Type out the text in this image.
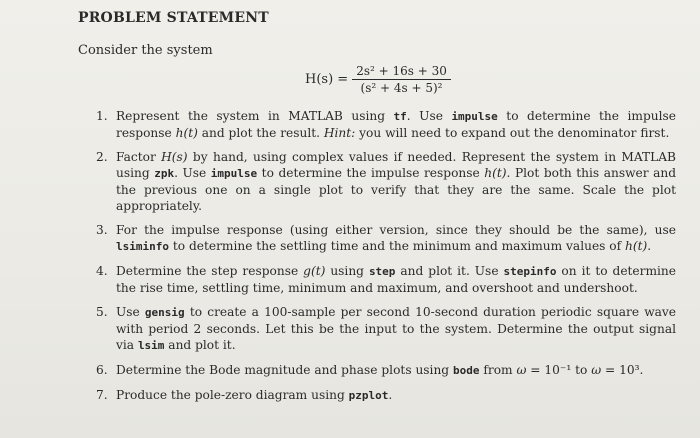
PROBLEM STATEMENT
Consider the system
$H(s) = \frac{\text{2s² + 16s + 30}}{\text{(s² + 4s + 5)²}}$
1. Represent the system in MATLAB using tf. Use impulse to determine the impulse response h(t) and plot the result. Hint: you will need to expand out the denominator first.
2. Factor H(s) by hand, using complex values if needed. Represent the system in MATLAB using zpk. Use impulse to determine the impulse response h(t). Plot both this answer and the previous one on a single plot to verify that they are the same. Scale the plot appropriately.
3. For the impulse response (using either version, since they should be the same), use lsiminfo to determine the settling time and the minimum and maximum values of h(t).
4. Determine the step response g(t) using step and plot it. Use stepinfo on it to determine the rise time, settling time, minimum and maximum, and overshoot and undershoot.
5. Use gensig to create a 100-sample per second 10-second duration periodic square wave with period 2 seconds. Let this be the input to the system. Determine the output signal via lsim and plot it.
6. Determine the Bode magnitude and phase plots using bode from ω = 10⁻¹ to ω = 10³.
7. Produce the pole-zero diagram using pzplot.
